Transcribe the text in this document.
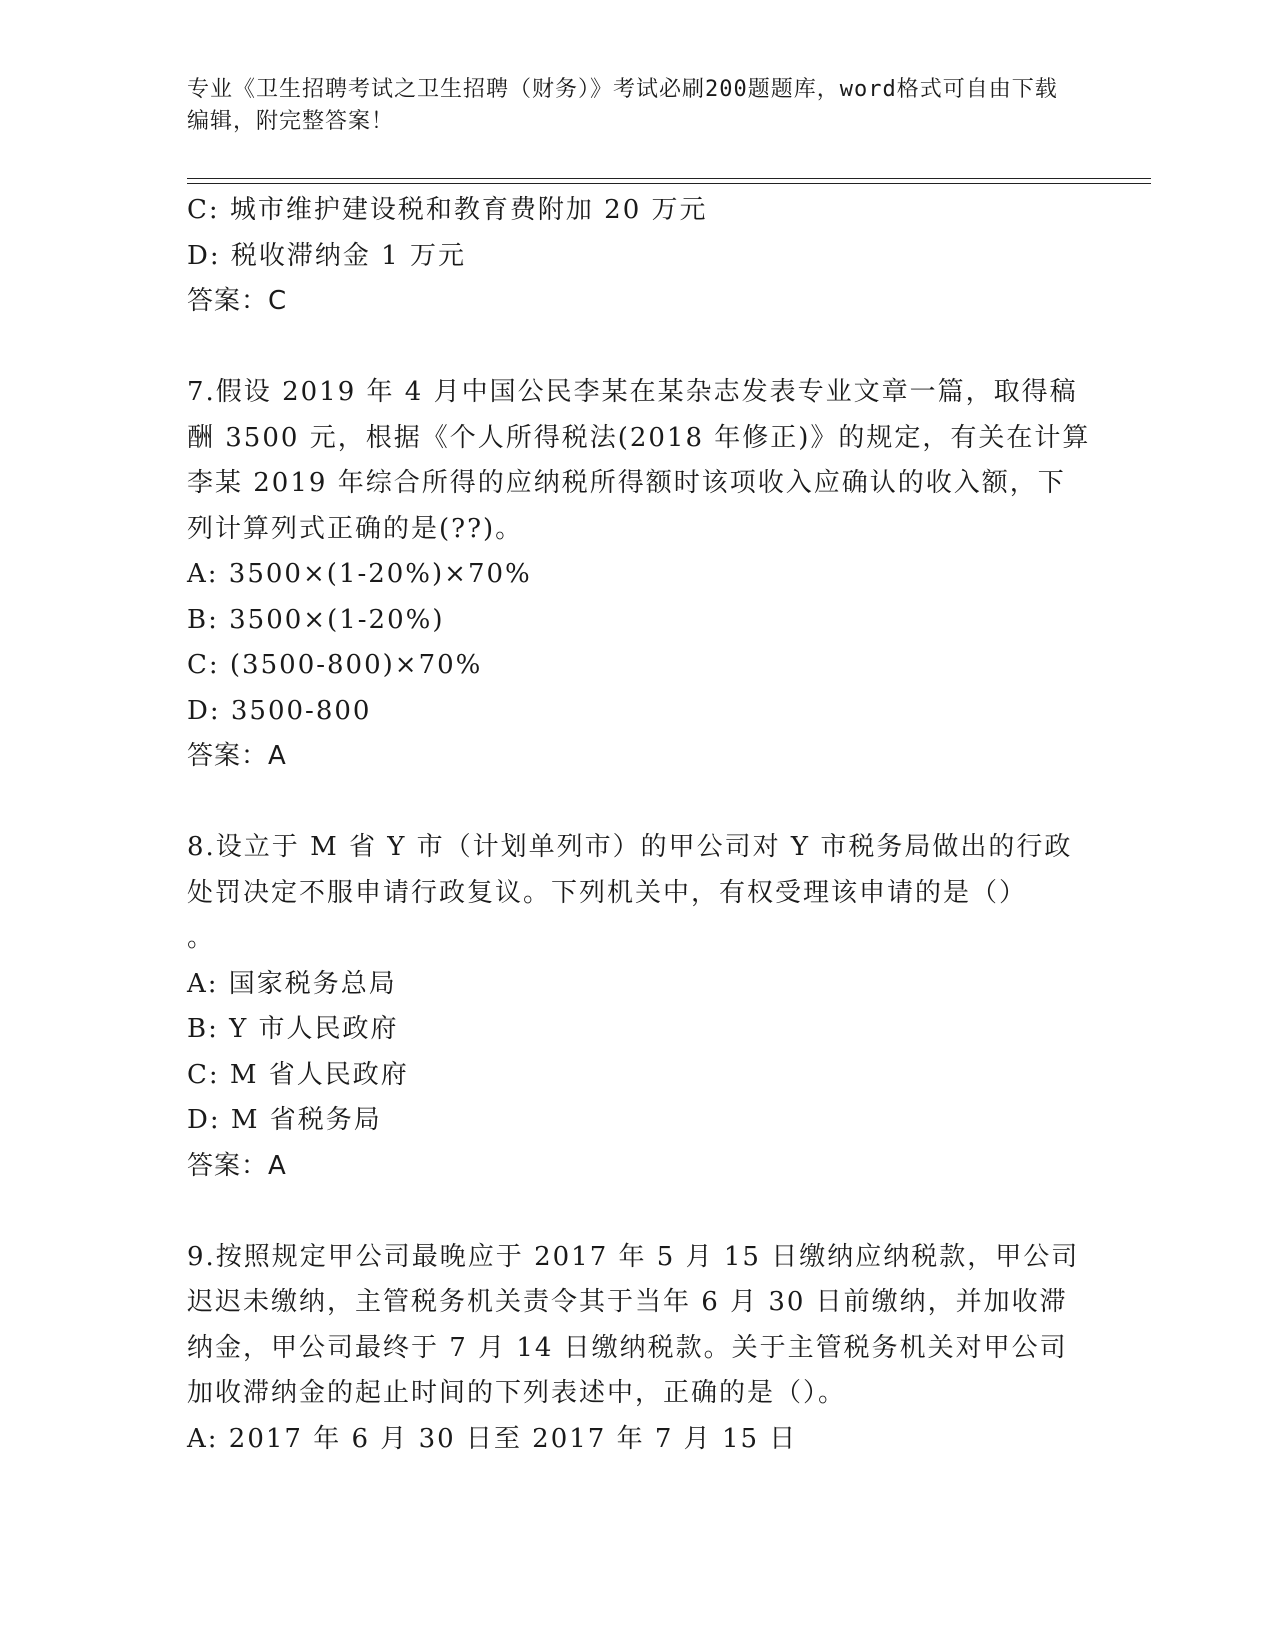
专业《卫生招聘考试之卫生招聘（财务）》考试必刷200题题库，word格式可自由下载编辑，附完整答案！
C: 城市维护建设税和教育费附加 20 万元
D: 税收滞纳金 1 万元
答案：C
7.假设 2019 年 4 月中国公民李某在某杂志发表专业文章一篇，取得稿
酬 3500 元，根据《个人所得税法(2018 年修正)》的规定，有关在计算
李某 2019 年综合所得的应纳税所得额时该项收入应确认的收入额，下
列计算列式正确的是(??)。
A: 3500×(1-20%)×70%
B: 3500×(1-20%)
C: (3500-800)×70%
D: 3500-800
答案：A
8.设立于 M 省 Y 市（计划单列市）的甲公司对 Y 市税务局做出的行政
处罚决定不服申请行政复议。下列机关中，有权受理该申请的是（）
。
A: 国家税务总局
B: Y 市人民政府
C: M 省人民政府
D: M 省税务局
答案：A
9.按照规定甲公司最晚应于 2017 年 5 月 15 日缴纳应纳税款，甲公司
迟迟未缴纳，主管税务机关责令其于当年 6 月 30 日前缴纳，并加收滞
纳金，甲公司最终于 7 月 14 日缴纳税款。关于主管税务机关对甲公司
加收滞纳金的起止时间的下列表述中，正确的是（）。
A: 2017 年 6 月 30 日至 2017 年 7 月 15 日
